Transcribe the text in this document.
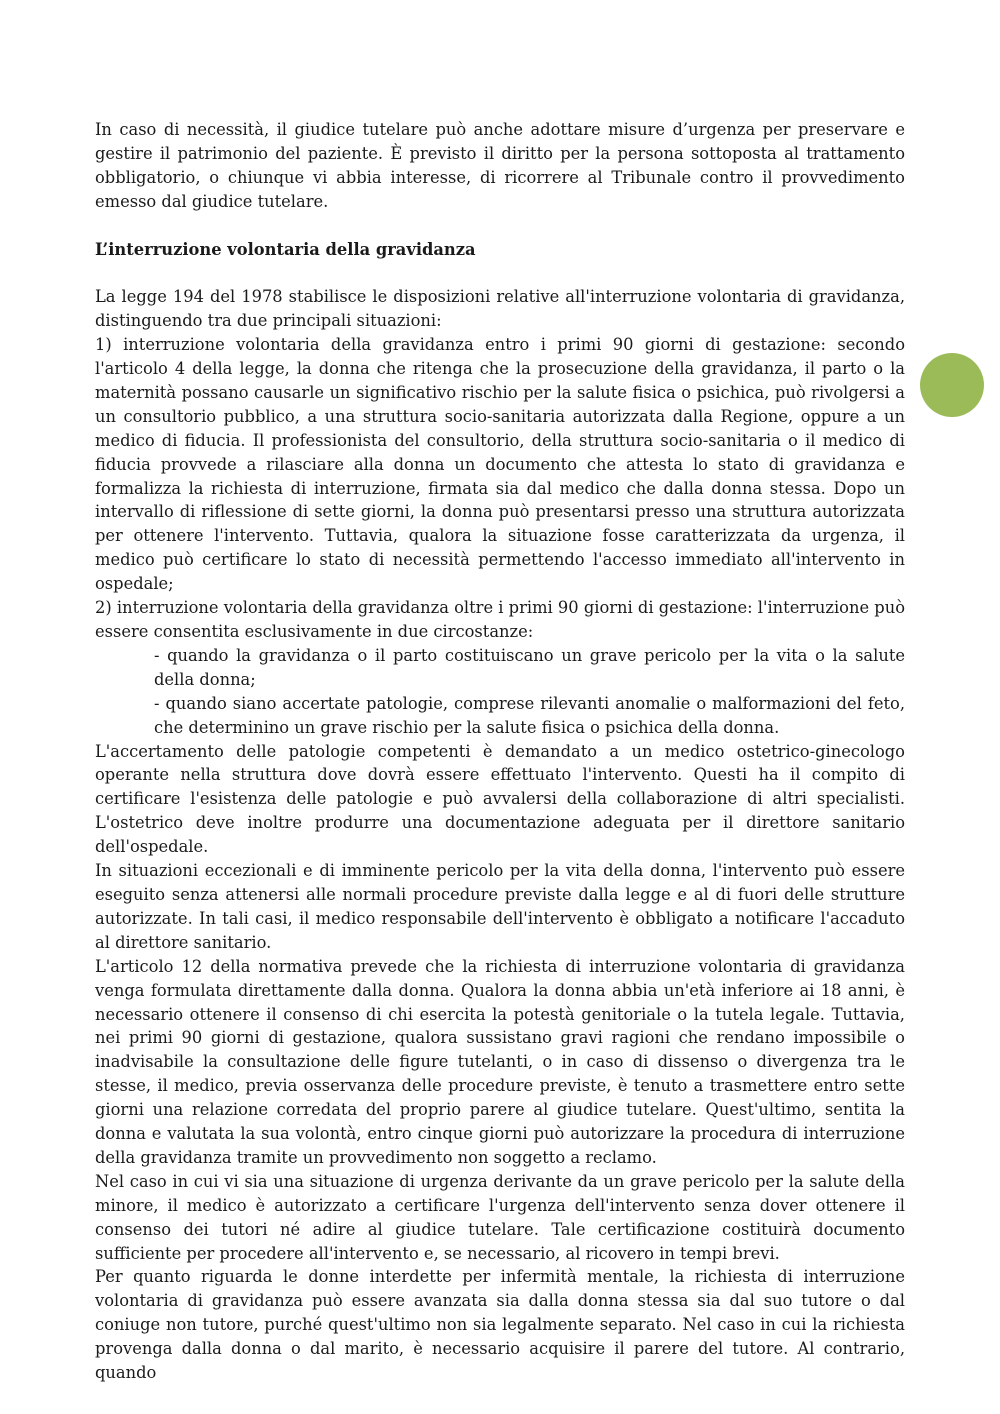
In caso di necessità, il giudice tutelare può anche adottare misure d’urgenza per preservare e gestire il patrimonio del paziente. È previsto il diritto per la persona sottoposta al trattamento obbligatorio, o chiunque vi abbia interesse, di ricorrere al Tribunale contro il provvedimento emesso dal giudice tutelare.

L’interruzione volontaria della gravidanza

La legge 194 del 1978 stabilisce le disposizioni relative all'interruzione volontaria di gravidanza, distinguendo tra due principali situazioni:

1) interruzione volontaria della gravidanza entro i primi 90 giorni di gestazione: secondo l'articolo 4 della legge, la donna che ritenga che la prosecuzione della gravidanza, il parto o la maternità possano causarle un significativo rischio per la salute fisica o psichica, può rivolgersi a un consultorio pubblico, a una struttura socio-sanitaria autorizzata dalla Regione, oppure a un medico di fiducia. Il professionista del consultorio, della struttura socio-sanitaria o il medico di fiducia provvede a rilasciare alla donna un documento che attesta lo stato di gravidanza e formalizza la richiesta di interruzione, firmata sia dal medico che dalla donna stessa. Dopo un intervallo di riflessione di sette giorni, la donna può presentarsi presso una struttura autorizzata per ottenere l'intervento. Tuttavia, qualora la situazione fosse caratterizzata da urgenza, il medico può certificare lo stato di necessità permettendo l'accesso immediato all'intervento in ospedale;

2) interruzione volontaria della gravidanza oltre i primi 90 giorni di gestazione: l'interruzione può essere consentita esclusivamente in due circostanze:

- quando la gravidanza o il parto costituiscano un grave pericolo per la vita o la salute della donna;

- quando siano accertate patologie, comprese rilevanti anomalie o malformazioni del feto, che determinino un grave rischio per la salute fisica o psichica della donna.

L'accertamento delle patologie competenti è demandato a un medico ostetrico-ginecologo operante nella struttura dove dovrà essere effettuato l'intervento. Questi ha il compito di certificare l'esistenza delle patologie e può avvalersi della collaborazione di altri specialisti. L'ostetrico deve inoltre produrre una documentazione adeguata per il direttore sanitario dell'ospedale.

In situazioni eccezionali e di imminente pericolo per la vita della donna, l'intervento può essere eseguito senza attenersi alle normali procedure previste dalla legge e al di fuori delle strutture autorizzate. In tali casi, il medico responsabile dell'intervento è obbligato a notificare l'accaduto al direttore sanitario.

L'articolo 12 della normativa prevede che la richiesta di interruzione volontaria di gravidanza venga formulata direttamente dalla donna. Qualora la donna abbia un'età inferiore ai 18 anni, è necessario ottenere il consenso di chi esercita la potestà genitoriale o la tutela legale. Tuttavia, nei primi 90 giorni di gestazione, qualora sussistano gravi ragioni che rendano impossibile o inadvisabile la consultazione delle figure tutelanti, o in caso di dissenso o divergenza tra le stesse, il medico, previa osservanza delle procedure previste, è tenuto a trasmettere entro sette giorni una relazione corredata del proprio parere al giudice tutelare. Quest'ultimo, sentita la donna e valutata la sua volontà, entro cinque giorni può autorizzare la procedura di interruzione della gravidanza tramite un provvedimento non soggetto a reclamo.

Nel caso in cui vi sia una situazione di urgenza derivante da un grave pericolo per la salute della minore, il medico è autorizzato a certificare l'urgenza dell'intervento senza dover ottenere il consenso dei tutori né adire al giudice tutelare. Tale certificazione costituirà documento sufficiente per procedere all'intervento e, se necessario, al ricovero in tempi brevi.

Per quanto riguarda le donne interdette per infermità mentale, la richiesta di interruzione volontaria di gravidanza può essere avanzata sia dalla donna stessa sia dal suo tutore o dal coniuge non tutore, purché quest'ultimo non sia legalmente separato. Nel caso in cui la richiesta provenga dalla donna o dal marito, è necessario acquisire il parere del tutore. Al contrario, quando
